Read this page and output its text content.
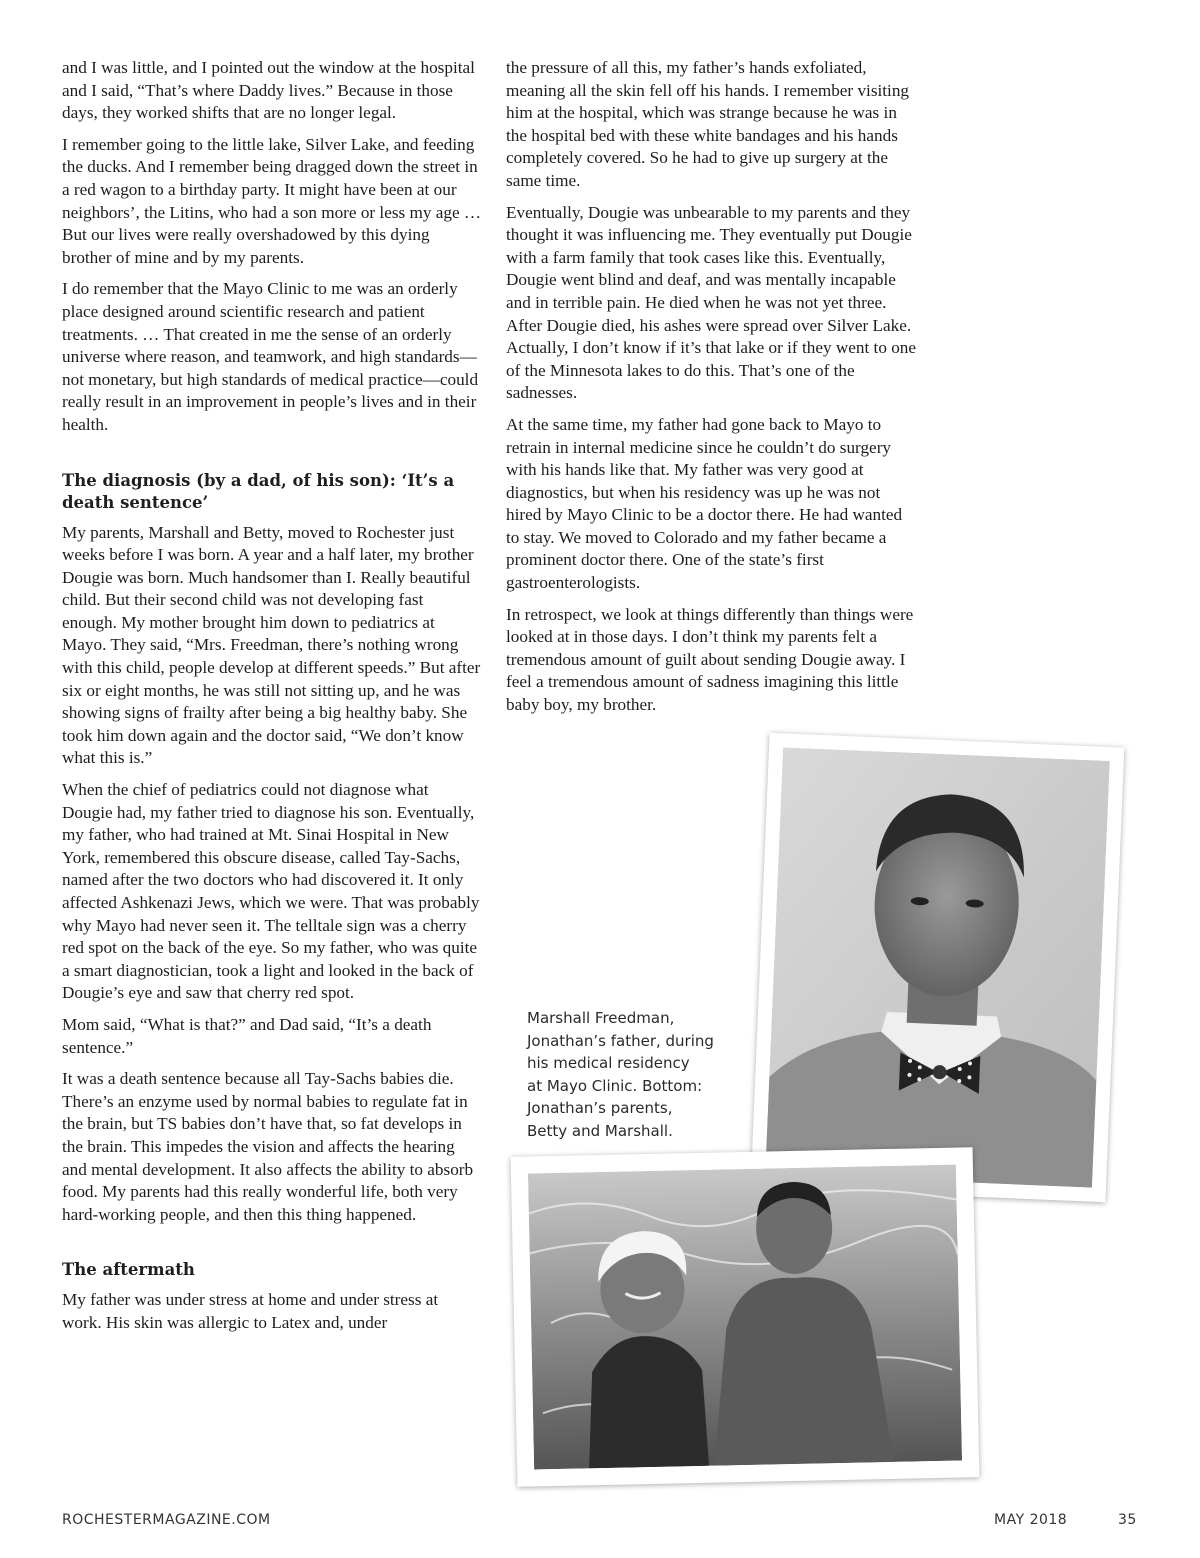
and I was little, and I pointed out the window at the hospital and I said, “That’s where Daddy lives.” Because in those days, they worked shifts that are no longer legal.

I remember going to the little lake, Silver Lake, and feeding the ducks. And I remember being dragged down the street in a red wagon to a birthday party. It might have been at our neighbors’, the Litins, who had a son more or less my age … But our lives were really overshadowed by this dying brother of mine and by my parents.

I do remember that the Mayo Clinic to me was an orderly place designed around scientific research and patient treatments. … That created in me the sense of an orderly universe where reason, and teamwork, and high standards—not monetary, but high standards of medical practice—could really result in an improvement in people’s lives and in their health.

The diagnosis (by a dad, of his son): ‘It’s a death sentence’

My parents, Marshall and Betty, moved to Rochester just weeks before I was born. A year and a half later, my brother Dougie was born. Much handsomer than I. Really beautiful child. But their second child was not developing fast enough. My mother brought him down to pediatrics at Mayo. They said, “Mrs. Freedman, there’s nothing wrong with this child, people develop at different speeds.” But after six or eight months, he was still not sitting up, and he was showing signs of frailty after being a big healthy baby. She took him down again and the doctor said, “We don’t know what this is.”

When the chief of pediatrics could not diagnose what Dougie had, my father tried to diagnose his son. Eventually, my father, who had trained at Mt. Sinai Hospital in New York, remembered this obscure disease, called Tay-Sachs, named after the two doctors who had discovered it. It only affected Ashkenazi Jews, which we were. That was probably why Mayo had never seen it. The telltale sign was a cherry red spot on the back of the eye. So my father, who was quite a smart diagnostician, took a light and looked in the back of Dougie’s eye and saw that cherry red spot.

Mom said, “What is that?” and Dad said, “It’s a death sentence.”

It was a death sentence because all Tay-Sachs babies die. There’s an enzyme used by normal babies to regulate fat in the brain, but TS babies don’t have that, so fat develops in the brain. This impedes the vision and affects the hearing and mental development. It also affects the ability to absorb food. My parents had this really wonderful life, both very hard-working people, and then this thing happened.

The aftermath

My father was under stress at home and under stress at work. His skin was allergic to Latex and, under

the pressure of all this, my father’s hands exfoliated, meaning all the skin fell off his hands. I remember visiting him at the hospital, which was strange because he was in the hospital bed with these white bandages and his hands completely covered. So he had to give up surgery at the same time.

Eventually, Dougie was unbearable to my parents and they thought it was influencing me. They eventually put Dougie with a farm family that took cases like this. Eventually, Dougie went blind and deaf, and was mentally incapable and in terrible pain. He died when he was not yet three. After Dougie died, his ashes were spread over Silver Lake. Actually, I don’t know if it’s that lake or if they went to one of the Minnesota lakes to do this. That’s one of the sadnesses.

At the same time, my father had gone back to Mayo to retrain in internal medicine since he couldn’t do surgery with his hands like that. My father was very good at diagnostics, but when his residency was up he was not hired by Mayo Clinic to be a doctor there. He had wanted to stay. We moved to Colorado and my father became a prominent doctor there. One of the state’s first gastroenterologists.

In retrospect, we look at things differently than things were looked at in those days. I don’t think my parents felt a tremendous amount of guilt about sending Dougie away. I feel a tremendous amount of sadness imagining this little baby boy, my brother.

Marshall Freedman,
Jonathan’s father, during
his medical residency
at Mayo Clinic. Bottom:
Jonathan’s parents,
Betty and Marshall.
ROCHESTERMAGAZINE.COM	MAY 2018	35
